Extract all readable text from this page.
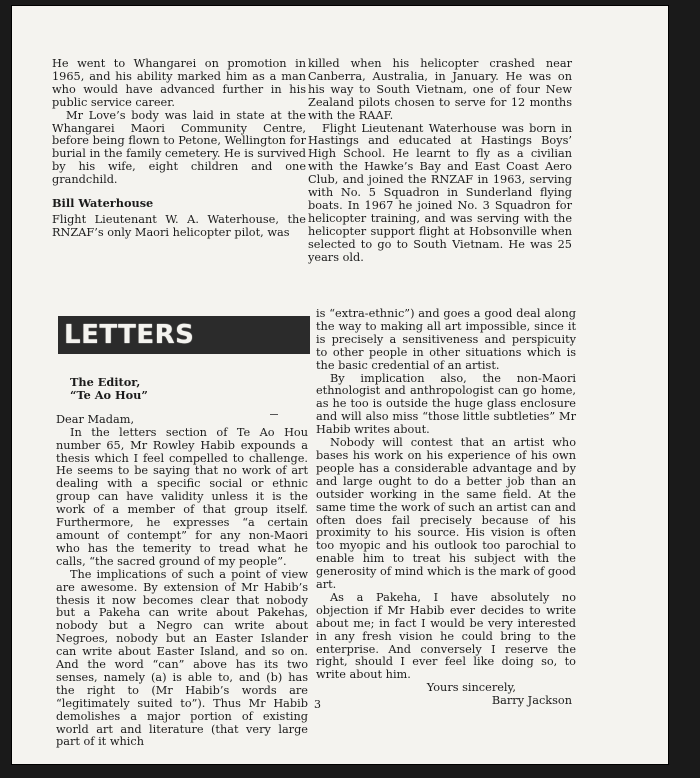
He went to Whangarei on promotion in 1965, and his ability marked him as a man who would have advanced further in his public service career.

Mr Love’s body was laid in state at the Whangarei Maori Community Centre, before being flown to Petone, Wellington for burial in the family cemetery. He is survived by his wife, eight children and one grandchild.

Bill Waterhouse

Flight Lieutenant W. A. Waterhouse, the RNZAF’s only Maori helicopter pilot, was

killed when his helicopter crashed near Canberra, Australia, in January. He was on his way to South Vietnam, one of four New Zealand pilots chosen to serve for 12 months with the RAAF.

Flight Lieutenant Waterhouse was born in Hastings and educated at Hastings Boys’ High School. He learnt to fly as a civilian with the Hawke’s Bay and East Coast Aero Club, and joined the RNZAF in 1963, serving with No. 5 Squadron in Sunderland flying boats. In 1967 he joined No. 3 Squadron for helicopter training, and was serving with the helicopter support flight at Hobsonville when selected to go to South Vietnam. He was 25 years old.

LETTERS

The Editor,

“Te Ao Hou”

Dear Madam,

In the letters section of Te Ao Hou number 65, Mr Rowley Habib expounds a thesis which I feel compelled to challenge. He seems to be saying that no work of art dealing with a specific social or ethnic group can have validity unless it is the work of a member of that group itself. Furthermore, he expresses “a certain amount of contempt” for any non-Maori who has the temerity to tread what he calls, “the sacred ground of my people”.

The implications of such a point of view are awesome. By extension of Mr Habib’s thesis it now becomes clear that nobody but a Pakeha can write about Pakehas, nobody but a Negro can write about Negroes, nobody but an Easter Islander can write about Easter Island, and so on. And the word “can” above has its two senses, namely (a) is able to, and (b) has the right to (Mr Habib’s words are “legitimately suited to”). Thus Mr Habib demolishes a major portion of existing world art and literature (that very large part of it which

is “extra-ethnic”) and goes a good deal along the way to making all art impossible, since it is precisely a sensitiveness and perspicuity to other people in other situations which is the basic credential of an artist.

By implication also, the non-Maori ethnologist and anthropologist can go home, as he too is outside the huge glass enclosure and will also miss “those little subtleties” Mr Habib writes about.

Nobody will contest that an artist who bases his work on his experience of his own people has a considerable advantage and by and large ought to do a better job than an outsider working in the same field. At the same time the work of such an artist can and often does fail precisely because of his proximity to his source. His vision is often too myopic and his outlook too parochial to enable him to treat his subject with the generosity of mind which is the mark of good art.

As a Pakeha, I have absolutely no objection if Mr Habib ever decides to write about me; in fact I would be very interested in any fresh vision he could bring to the enterprise. And conversely I reserve the right, should I ever feel like doing so, to write about him.

Yours sincerely,

Barry Jackson

3
